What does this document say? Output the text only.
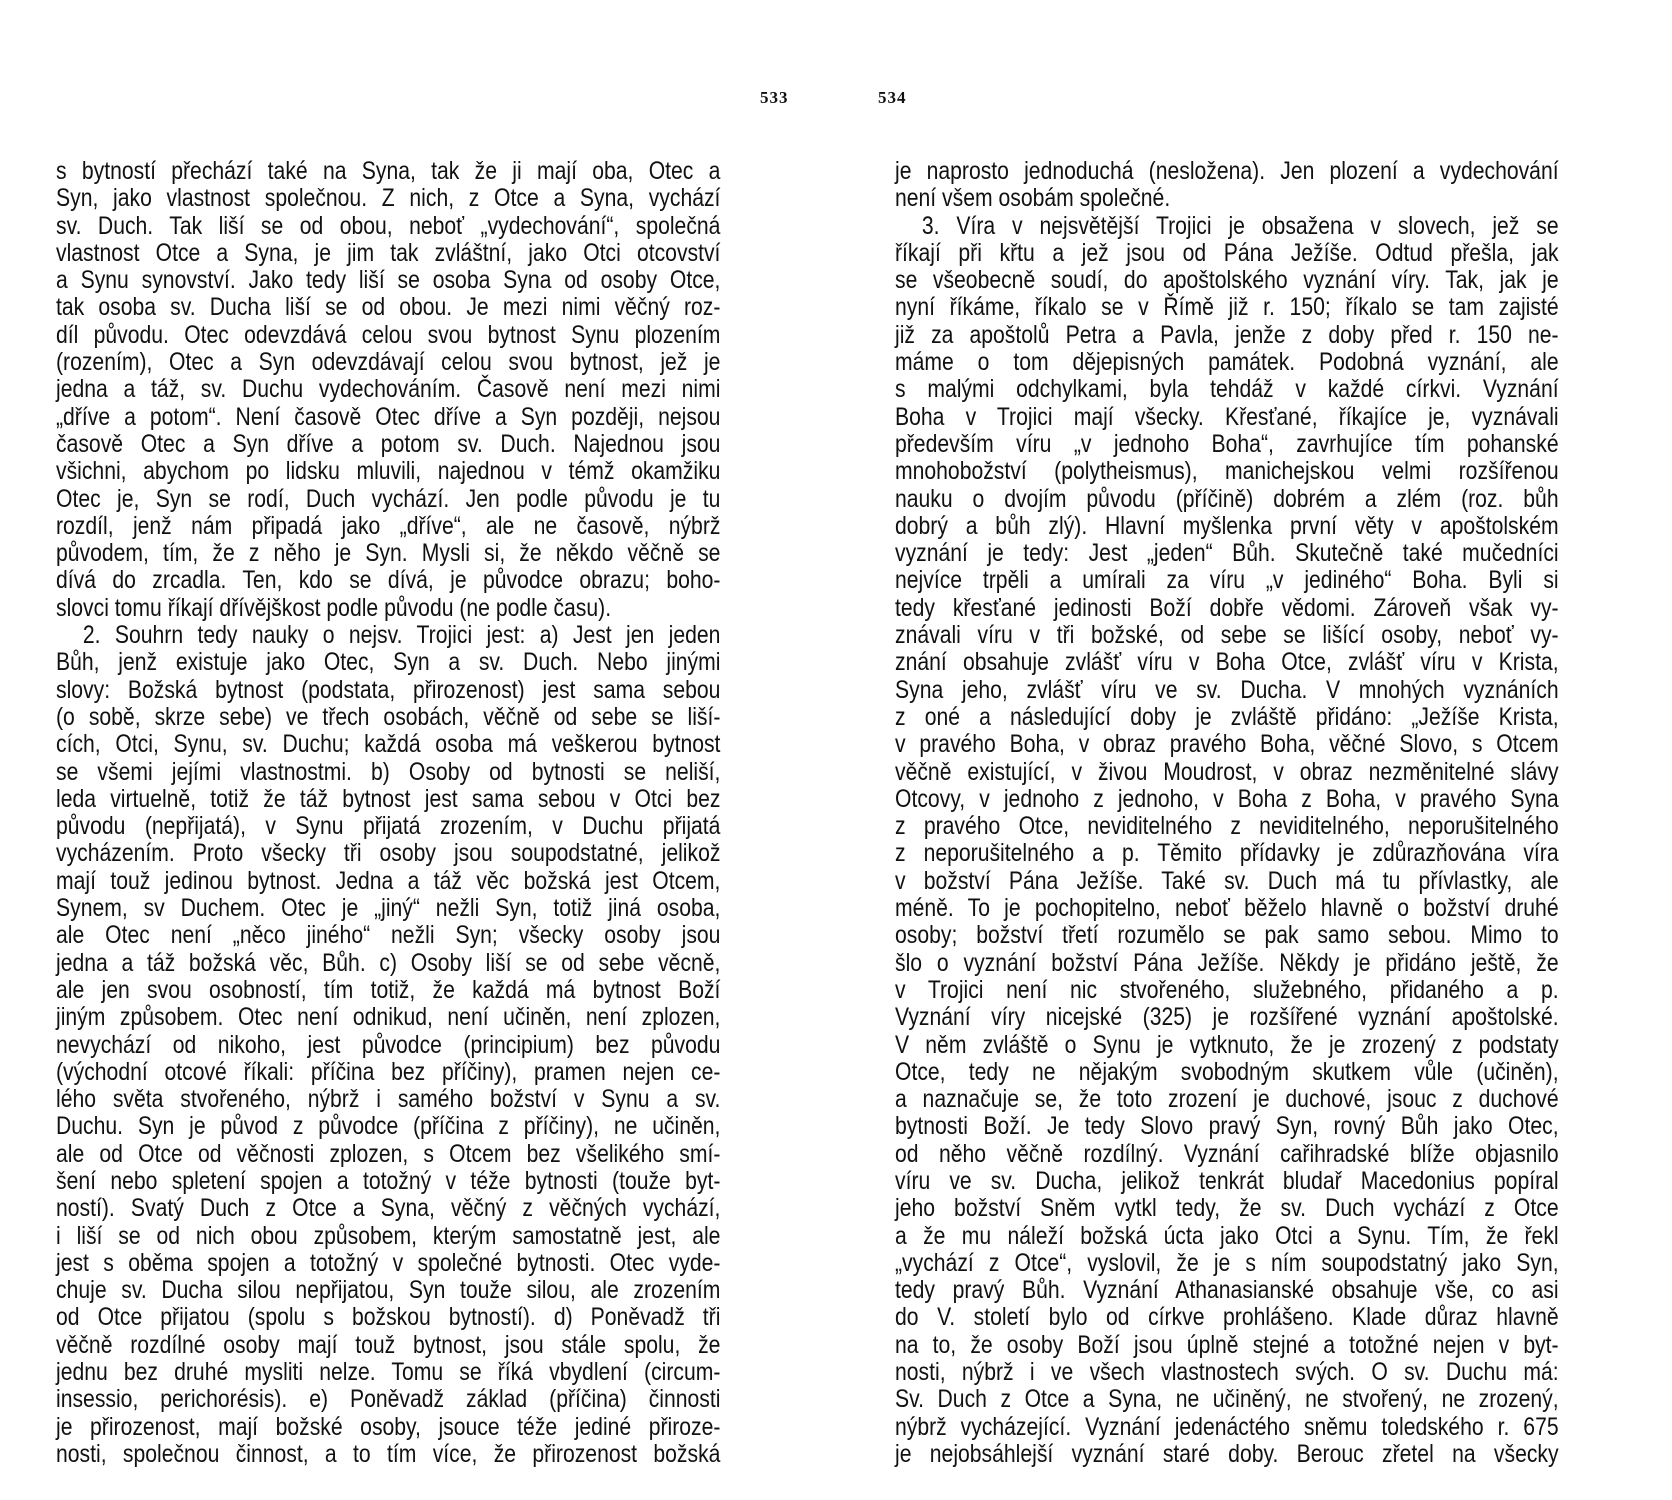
533	534
s bytností přechází také na Syna, tak že ji mají oba, Otec a
Syn, jako vlastnost společnou. Z nich, z Otce a Syna, vychází
sv. Duch. Tak liší se od obou, neboť „vydechování“, společná
vlastnost Otce a Syna, je jim tak zvláštní, jako Otci otcovství
a Synu synovství. Jako tedy liší se osoba Syna od osoby Otce,
tak osoba sv. Ducha liší se od obou. Je mezi nimi věčný roz-
díl původu. Otec odevzdává celou svou bytnost Synu plozením
(rozením), Otec a Syn odevzdávají celou svou bytnost, jež je
jedna a táž, sv. Duchu vydechováním. Časově není mezi nimi
„dříve a potom“. Není časově Otec dříve a Syn později, nejsou
časově Otec a Syn dříve a potom sv. Duch. Najednou jsou
všichni, abychom po lidsku mluvili, najednou v témž okamžiku
Otec je, Syn se rodí, Duch vychází. Jen podle původu je tu
rozdíl, jenž nám připadá jako „dříve“, ale ne časově, nýbrž
původem, tím, že z něho je Syn. Mysli si, že někdo věčně se
dívá do zrcadla. Ten, kdo se dívá, je původce obrazu; boho-
slovci tomu říkají dřívějškost podle původu (ne podle času).
2. Souhrn tedy nauky o nejsv. Trojici jest: a) Jest jen jeden
Bůh, jenž existuje jako Otec, Syn a sv. Duch. Nebo jinými
slovy: Božská bytnost (podstata, přirozenost) jest sama sebou
(o sobě, skrze sebe) ve třech osobách, věčně od sebe se liší-
cích, Otci, Synu, sv. Duchu; každá osoba má veškerou bytnost
se všemi jejími vlastnostmi. b) Osoby od bytnosti se neliší,
leda virtuelně, totiž že táž bytnost jest sama sebou v Otci bez
původu (nepřijatá), v Synu přijatá zrozením, v Duchu přijatá
vycházením. Proto všecky tři osoby jsou soupodstatné, jelikož
mají touž jedinou bytnost. Jedna a táž věc božská jest Otcem,
Synem, sv Duchem. Otec je „jiný“ nežli Syn, totiž jiná osoba,
ale Otec není „něco jiného“ nežli Syn; všecky osoby jsou
jedna a táž božská věc, Bůh. c) Osoby liší se od sebe věcně,
ale jen svou osobností, tím totiž, že každá má bytnost Boží
jiným způsobem. Otec není odnikud, není učiněn, není zplozen,
nevychází od nikoho, jest původce (principium) bez původu
(východní otcové říkali: příčina bez příčiny), pramen nejen ce-
lého světa stvořeného, nýbrž i samého božství v Synu a sv.
Duchu. Syn je původ z původce (příčina z příčiny), ne učiněn,
ale od Otce od věčnosti zplozen, s Otcem bez všelikého smí-
šení nebo spletení spojen a totožný v téže bytnosti (touže byt-
ností). Svatý Duch z Otce a Syna, věčný z věčných vychází,
i liší se od nich obou způsobem, kterým samostatně jest, ale
jest s oběma spojen a totožný v společné bytnosti. Otec vyde-
chuje sv. Ducha silou nepřijatou, Syn touže silou, ale zrozením
od Otce přijatou (spolu s božskou bytností). d) Poněvadž tři
věčně rozdílné osoby mají touž bytnost, jsou stále spolu, že
jednu bez druhé mysliti nelze. Tomu se říká vbydlení (circum-
insessio, perichorésis). e) Poněvadž základ (příčina) činnosti
je přirozenost, mají božské osoby, jsouce téže jediné přiroze-
nosti, společnou činnost, a to tím více, že přirozenost božská
je naprosto jednoduchá (nesložena). Jen plození a vydechování
není všem osobám společné.
3. Víra v nejsvětější Trojici je obsažena v slovech, jež se
říkají při křtu a jež jsou od Pána Ježíše. Odtud přešla, jak
se všeobecně soudí, do apoštolského vyznání víry. Tak, jak je
nyní říkáme, říkalo se v Římě již r. 150; říkalo se tam zajisté
již za apoštolů Petra a Pavla, jenže z doby před r. 150 ne-
máme o tom dějepisných památek. Podobná vyznání, ale
s malými odchylkami, byla tehdáž v každé církvi. Vyznání
Boha v Trojici mají všecky. Křesťané, říkajíce je, vyznávali
především víru „v jednoho Boha“, zavrhujíce tím pohanské
mnohobožství (polytheismus), manichejskou velmi rozšířenou
nauku o dvojím původu (příčině) dobrém a zlém (roz. bůh
dobrý a bůh zlý). Hlavní myšlenka první věty v apoštolském
vyznání je tedy: Jest „jeden“ Bůh. Skutečně také mučedníci
nejvíce trpěli a umírali za víru „v jediného“ Boha. Byli si
tedy křesťané jedinosti Boží dobře vědomi. Zároveň však vy-
znávali víru v tři božské, od sebe se lišící osoby, neboť vy-
znání obsahuje zvlášť víru v Boha Otce, zvlášť víru v Krista,
Syna jeho, zvlášť víru ve sv. Ducha. V mnohých vyznáních
z oné a následující doby je zvláště přidáno: „Ježíše Krista,
v pravého Boha, v obraz pravého Boha, věčné Slovo, s Otcem
věčně existující, v živou Moudrost, v obraz nezměnitelné slávy
Otcovy, v jednoho z jednoho, v Boha z Boha, v pravého Syna
z pravého Otce, neviditelného z neviditelného, neporušitelného
z neporušitelného a p. Těmito přídavky je zdůrazňována víra
v božství Pána Ježíše. Také sv. Duch má tu přívlastky, ale
méně. To je pochopitelno, neboť běželo hlavně o božství druhé
osoby; božství třetí rozumělo se pak samo sebou. Mimo to
šlo o vyznání božství Pána Ježíše. Někdy je přidáno ještě, že
v Trojici není nic stvořeného, služebného, přidaného a p.
Vyznání víry nicejské (325) je rozšířené vyznání apoštolské.
V něm zvláště o Synu je vytknuto, že je zrozený z podstaty
Otce, tedy ne nějakým svobodným skutkem vůle (učiněn),
a naznačuje se, že toto zrození je duchové, jsouc z duchové
bytnosti Boží. Je tedy Slovo pravý Syn, rovný Bůh jako Otec,
od něho věčně rozdílný. Vyznání cařihradské blíže objasnilo
víru ve sv. Ducha, jelikož tenkrát bludař Macedonius popíral
jeho božství Sněm vytkl tedy, že sv. Duch vychází z Otce
a že mu náleží božská úcta jako Otci a Synu. Tím, že řekl
„vychází z Otce“, vyslovil, že je s ním soupodstatný jako Syn,
tedy pravý Bůh. Vyznání Athanasianské obsahuje vše, co asi
do V. století bylo od církve prohlášeno. Klade důraz hlavně
na to, že osoby Boží jsou úplně stejné a totožné nejen v byt-
nosti, nýbrž i ve všech vlastnostech svých. O sv. Duchu má:
Sv. Duch z Otce a Syna, ne učiněný, ne stvořený, ne zrozený,
nýbrž vycházející. Vyznání jedenáctého sněmu toledského r. 675
je nejobsáhlejší vyznání staré doby. Berouc zřetel na všecky
